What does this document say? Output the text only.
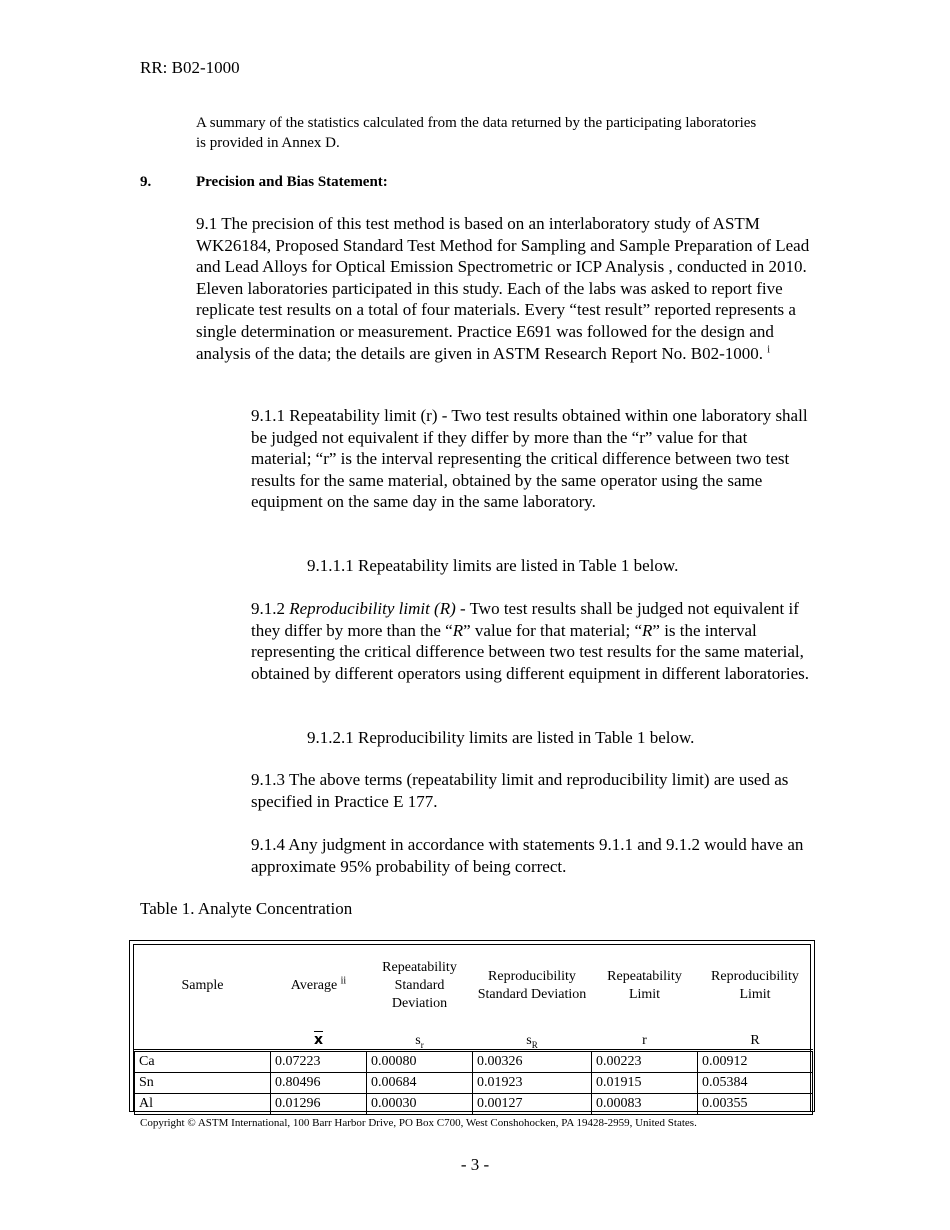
RR: B02-1000
A summary of the statistics calculated from the data returned by the participating laboratories is provided in Annex D.
9.	Precision and Bias Statement:
9.1 The precision of this test method is based on an interlaboratory study of ASTM WK26184, Proposed Standard Test Method for Sampling and Sample Preparation of Lead and Lead Alloys for Optical Emission Spectrometric or ICP Analysis , conducted in 2010. Eleven laboratories participated in this study. Each of the labs was asked to report five replicate test results on a total of four materials. Every “test result” reported represents a single determination or measurement. Practice E691 was followed for the design and analysis of the data; the details are given in ASTM Research Report No. B02-1000. $^i$
9.1.1 Repeatability limit (r) - Two test results obtained within one laboratory shall be judged not equivalent if they differ by more than the “r” value for that material; “r” is the interval representing the critical difference between two test results for the same material, obtained by the same operator using the same equipment on the same day in the same laboratory.
9.1.1.1 Repeatability limits are listed in Table 1 below.
9.1.2 Reproducibility limit (R) - Two test results shall be judged not equivalent if they differ by more than the “R” value for that material; “R” is the interval representing the critical difference between two test results for the same material, obtained by different operators using different equipment in different laboratories.
9.1.2.1 Reproducibility limits are listed in Table 1 below.
9.1.3 The above terms (repeatability limit and reproducibility limit) are used as specified in Practice E 177.
9.1.4 Any judgment in accordance with statements 9.1.1 and 9.1.2 would have an approximate 95% probability of being correct.
Table 1. Analyte Concentration
Sample	Average $^{ii}$	Repeatability Standard Deviation	Reproducibility Standard Deviation	Repeatability Limit	Reproducibility Limit
	$\overline{x}$	$s_r$	$s_R$	r	R
Ca	0.07223	0.00080	0.00326	0.00223	0.00912
Sn	0.80496	0.00684	0.01923	0.01915	0.05384
Al	0.01296	0.00030	0.00127	0.00083	0.00355
Copyright © ASTM International, 100 Barr Harbor Drive, PO Box C700, West Conshohocken, PA 19428-2959, United States.
- 3 -
